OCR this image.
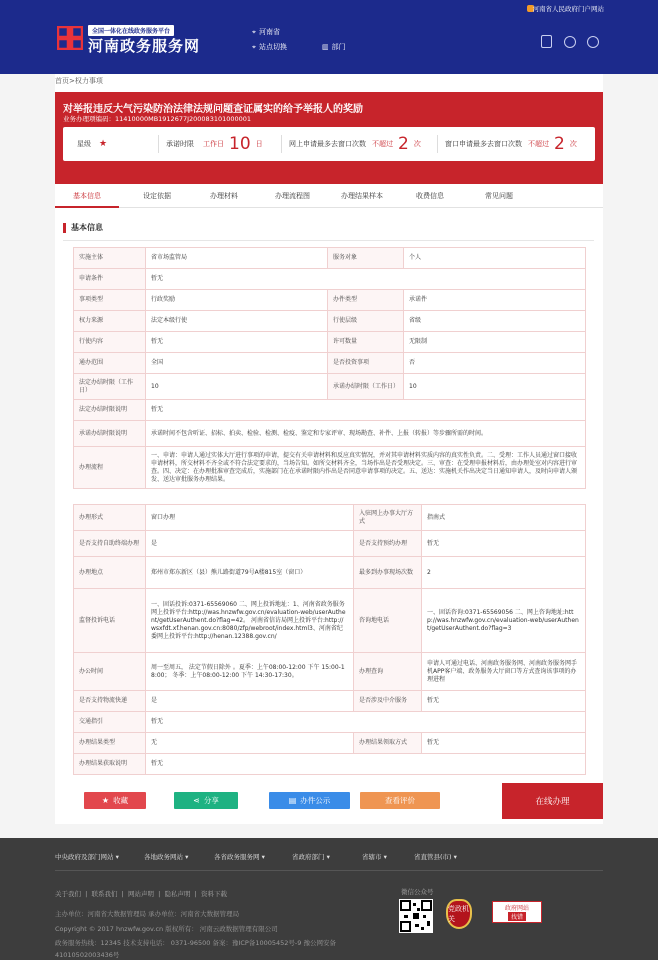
河南省人民政府门户网站
全国一体化在线政务服务平台
河南政务服务网
⌖ 河南省
⌖ 站点切换	▥ 部门
首页>权力事项
对举报违反大气污染防治法律法规问题查证属实的给予举报人的奖励
业务办理项编码：11410000MB1912677J200083101000001
星级 ★	承诺时限 工作日 10 日	网上申请最多去窗口次数 不超过 2 次	窗口申请最多去窗口次数 不超过 2 次
基本信息	设定依据	办理材料	办理流程图	办理结果样本	收费信息	常见问题
基本信息
实施主体	省市场监管局	服务对象	个人
申请条件	暂无		
事项类型	行政奖励	办件类型	承诺件
权力来源	法定本级行使	行使层级	省级
行使内容	暂无	许可数量	无限制
通办范围	全国	是否投资事项	否
法定办结时限（工作日）	10	承诺办结时限（工作日）	10
法定办结时限说明	暂无		
承诺办结时限说明	承诺时间不包含听证、招标、拍卖、检验、检测、检疫、鉴定和专家评审、现场勘查、补件、上报（转报）等步骤所需的时间。		
办理流程	一、申请：申请人通过实体大厅进行事项的申请，提交有关申请材料和反应真实情况，并对其申请材料实质内容的真实性负责。二、受理：工作人员通过窗口接收申请材料，所交材料不齐全或不符合法定要求的，当场告知。如所交材料齐全，当场作出是否受理决定。三、审查：在受理申报材料后，由办理处室对内容进行审查。四、决定：在办理批准审查完成后，实施部门在在承诺时限内作出是否同意申请事项的决定。五、送达：实施机关作出决定当日通知申请人，及时向申请人颁发、送达审批服务办理结果。		
办理形式	窗口办理	入驻网上办事大厅方式	指南式
是否支持自助终端办理	是	是否支持预约办理	暂无
办理地点	郑州市郑东新区（县）熊儿路街道79号A楼815室（窗口）	最多到办事现场次数	2
监督投诉电话	一、固话投诉:0371-65569060 二、网上投诉地址：1、河南省政务服务网上投诉平台:http://was.hnzwfw.gov.cn/evaluation-web/userAuthent/getUserAuthent.do?flag=42。 河南省信访局网上投诉平台:http://wsxfdt.xf.henan.gov.cn:8080/zfp/webroot/index.html3、河南省纪委网上投诉平台:http://henan.12388.gov.cn/	咨询地电话	一、固话咨询:0371-65569056 二、网上咨询地址:http://was.hnzwfw.gov.cn/evaluation-web/userAuthent/getUserAuthent.do?flag=3
办公时间	周一至周五， 法定节假日除外 。夏季：上午08:00-12:00 下午 15:00-18:00； 冬季：上午08:00-12:00 下午 14:30-17:30。	办理查询	申请人可通过电话、河南政务服务网、河南政务服务网手机APP客户端、政务服务大厅窗口等方式查询该事项的办理进程
是否支持物流快递	是	是否涉及中介服务	暂无
交通指引	暂无		
办理结果类型	无	办理结果领取方式	暂无
办理结果获取说明	暂无		
★ 收藏	⋖ 分享	▤ 办件公示	查看评价	在线办理
中央政府及部门网站 ▾	各地政务网站 ▾	各省政务服务网 ▾	省政府部门 ▾	省辖市 ▾	省直管县(市) ▾
关于我们 | 联系我们 | 网站声明 | 隐私声明 | 资料下载
主办单位：河南省大数据管理局 承办单位：河南省大数据管理局
Copyright © 2017 hnzwfw.gov.cn 版权所有： 河南云政数据管理有限公司
政务服务热线：12345 技术支持电话： 0371-96500 备案：豫ICP备10005452号-9 豫公网安备
41010502003436号
微信公众号
党政机关
政府网站
找错
